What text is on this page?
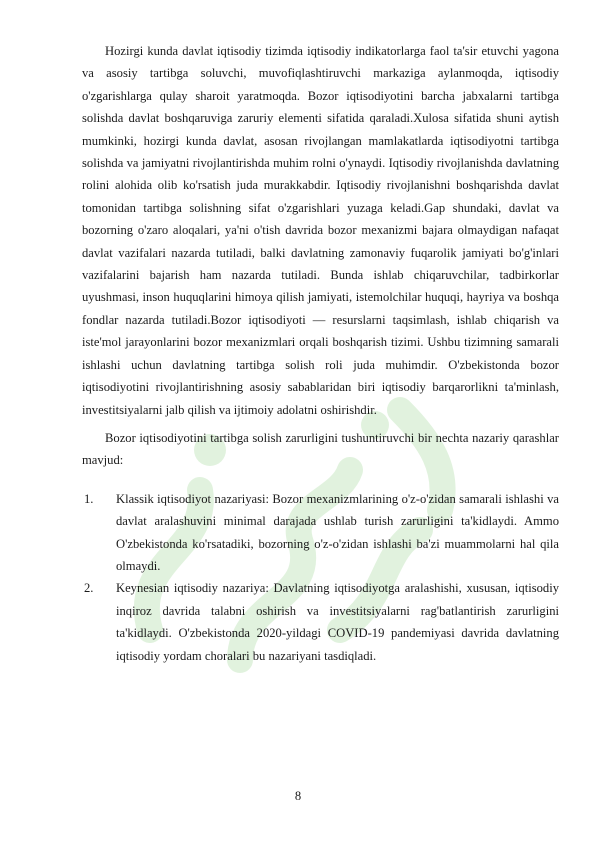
Hozirgi kunda davlat iqtisodiy tizimda iqtisodiy indikatorlarga faol ta'sir etuvchi yagona va asosiy tartibga soluvchi, muvofiqlashtiruvchi markaziga aylanmoqda, iqtisodiy o'zgarishlarga qulay sharoit yaratmoqda. Bozor iqtisodiyotini barcha jabxalarni tartibga solishda davlat boshqaruviga zaruriy elementi sifatida qaraladi.Xulosa sifatida shuni aytish mumkinki, hozirgi kunda davlat, asosan rivojlangan mamlakatlarda iqtisodiyotni tartibga solishda va jamiyatni rivojlantirishda muhim rolni o'ynaydi. Iqtisodiy rivojlanishda davlatning rolini alohida olib ko'rsatish juda murakkabdir. Iqtisodiy rivojlanishni boshqarishda davlat tomonidan tartibga solishning sifat o'zgarishlari yuzaga keladi.Gap shundaki, davlat va bozorning o'zaro aloqalari, ya'ni o'tish davrida bozor mexanizmi bajara olmaydigan nafaqat davlat vazifalari nazarda tutiladi, balki davlatning zamonaviy fuqarolik jamiyati bo'g'inlari vazifalarini bajarish ham nazarda tutiladi. Bunda ishlab chiqaruvchilar, tadbirkorlar uyushmasi, inson huquqlarini himoya qilish jamiyati, istemolchilar huquqi, hayriya va boshqa fondlar nazarda tutiladi.Bozor iqtisodiyoti — resurslarni taqsimlash, ishlab chiqarish va iste'mol jarayonlarini bozor mexanizmlari orqali boshqarish tizimi. Ushbu tizimning samarali ishlashi uchun davlatning tartibga solish roli juda muhimdir. O'zbekistonda bozor iqtisodiyotini rivojlantirishning asosiy sabablaridan biri iqtisodiy barqarorlikni ta'minlash, investitsiyalarni jalb qilish va ijtimoiy adolatni oshirishdir.

Bozor iqtisodiyotini tartibga solish zarurligini tushuntiruvchi bir nechta nazariy qarashlar mavjud:

1. Klassik iqtisodiyot nazariyasi: Bozor mexanizmlarining o'z-o'zidan samarali ishlashi va davlat aralashuvini minimal darajada ushlab turish zarurligini ta'kidlaydi. Ammo O'zbekistonda ko'rsatadiki, bozorning o'z-o'zidan ishlashi ba'zi muammolarni hal qila olmaydi.
2. Keynesian iqtisodiy nazariya: Davlatning iqtisodiyotga aralashishi, xususan, iqtisodiy inqiroz davrida talabni oshirish va investitsiyalarni rag'batlantirish zarurligini ta'kidlaydi. O'zbekistonda 2020-yildagi COVID-19 pandemiyasi davrida davlatning iqtisodiy yordam choralari bu nazariyani tasdiqladi.
8
